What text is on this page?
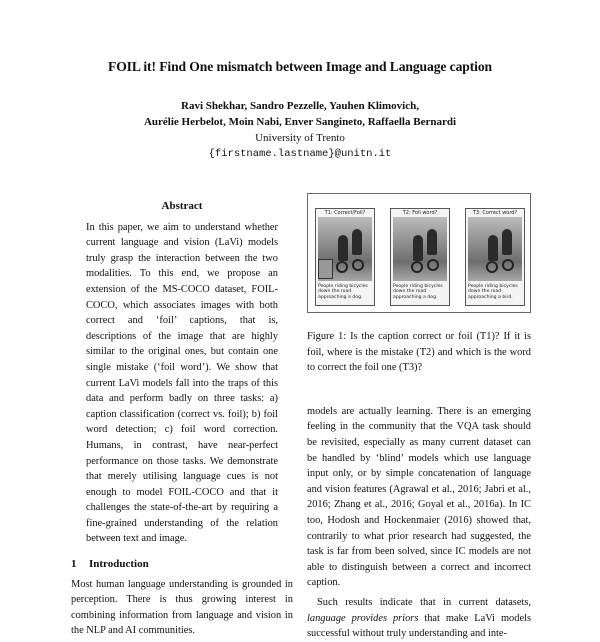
FOIL it! Find One mismatch between Image and Language caption
Ravi Shekhar, Sandro Pezzelle, Yauhen Klimovich,
Aurélie Herbelot, Moin Nabi, Enver Sangineto, Raffaella Bernardi
University of Trento
{firstname.lastname}@unitn.it
Abstract
In this paper, we aim to understand whether current language and vision (LaVi) models truly grasp the interaction between the two modalities. To this end, we propose an extension of the MS-COCO dataset, FOIL-COCO, which associates images with both correct and ‘foil’ captions, that is, descriptions of the image that are highly similar to the original ones, but contain one single mistake (‘foil word’). We show that current LaVi models fall into the traps of this data and perform badly on three tasks: a) caption classification (correct vs. foil); b) foil word detection; c) foil word correction. Humans, in contrast, have near-perfect performance on those tasks. We demonstrate that merely utilising language cues is not enough to model FOIL-COCO and that it challenges the state-of-the-art by requiring a fine-grained understanding of the relation between text and image.
1 Introduction
Most human language understanding is grounded in perception. There is thus growing interest in combining information from language and vision in the NLP and AI communities.
T1: Correct/Foil?
People riding bicycles down the road approaching a dog.
T2: Foil word?
People riding bicycles down the road approaching a dog.
T3: Correct word?
People riding bicycles down the road approaching a bird.
Figure 1: Is the caption correct or foil (T1)? If it is foil, where is the mistake (T2) and which is the word to correct the foil one (T3)?
models are actually learning. There is an emerging feeling in the community that the VQA task should be revisited, especially as many current dataset can be handled by ‘blind’ models which use language input only, or by simple concatenation of language and vision features (Agrawal et al., 2016; Jabri et al., 2016; Zhang et al., 2016; Goyal et al., 2016a). In IC too, Hodosh and Hockenmaier (2016) showed that, contrarily to what prior research had suggested, the task is far from been solved, since IC models are not able to distinguish between a correct and incorrect caption.
Such results indicate that in current datasets, language provides priors that make LaVi models successful without truly understanding and inte-
